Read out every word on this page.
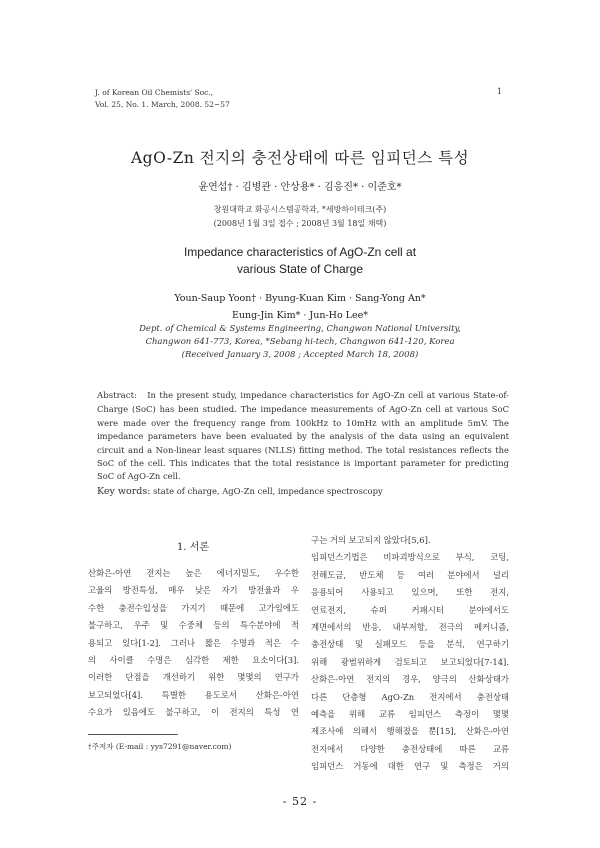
J. of Korean Oil Chemists' Soc.,
Vol. 25, No. 1. March, 2008. 52~57
1
AgO-Zn 전지의 충전상태에 따른 임피던스 특성
윤연섭† · 김병관 · 안상용* · 김응진* · 이준호*
창원대학교 화공시스템공학과, *세방하이테크(주)
(2008년 1월 3일 접수 ; 2008년 3월 18일 채택)
Impedance characteristics of AgO-Zn cell at
various State of Charge
Youn-Saup Yoon† · Byung-Kuan Kim · Sang-Yong An*
Eung-Jin Kim* · Jun-Ho Lee*
Dept. of Chemical & Systems Engineering, Changwon National University,
Changwon 641-773, Korea, *Sebang hi-tech, Changwon 641-120, Korea
(Received January 3, 2008 ; Accepted March 18, 2008)
Abstract: In the present study, impedance characteristics for AgO-Zn cell at various State-of-Charge (SoC) has been studied. The impedance measurements of AgO-Zn cell at various SoC were made over the frequency range from 100kHz to 10mHz with an amplitude 5mV. The impedance parameters have been evaluated by the analysis of the data using an equivalent circuit and a Non-linear least squares (NLLS) fitting method. The total resistances reflects the SoC of the cell. This indicates that the total resistance is important parameter for predicting SoC of AgO-Zn cell.
Key words: state of charge, AgO-Zn cell, impedance spectroscopy
1. 서론
산화은-아연 전지는 높은 에너지밀도, 우수한
고율의 방전특성, 매우 낮은 자기 방전율과 우
수한 충전수입성을 가지기 때문에 고가임에도
불구하고, 우주 및 수중체 등의 특수분야에 적
용되고 있다[1-2]. 그러나 짧은 수명과 적은 수
의 사이클 수명은 심각한 제한 요소이다[3].
이러한 단점을 개선하기 위한 몇몇의 연구가
보고되었다[4]. 특별한 용도로서 산화은-아연
수요가 있음에도 불구하고, 이 전지의 특성 연
구는 거의 보고되지 않았다[5,6].
임피던스기법은 비파괴방식으로 부식, 코팅,
전해도금, 반도체 등 여러 분야에서 널리
응용되어 사용되고 있으며, 또한 전지,
연료전지, 슈퍼 커패시터 분야에서도
계면에서의 반응, 내부저항, 전극의 메커니즘,
충전상태 및 실패모드 등을 분석, 연구하기
위해 광범위하게 검토되고 보고되었다[7-14].
산화은-아연 전지의 경우, 양극의 산화상태가
다른 단층형 AgO-Zn 전지에서 충전상태
예측을 위해 교류 임피던스 측정이 몇몇
제조사에 의해서 행해졌을 뿐[15], 산화은-아연
전지에서 다양한 충전상태에 따른 교류
임피던스 거동에 대한 연구 및 측정은 거의
†주저자 (E-mail : yys7291@naver.com)
- 52 -
